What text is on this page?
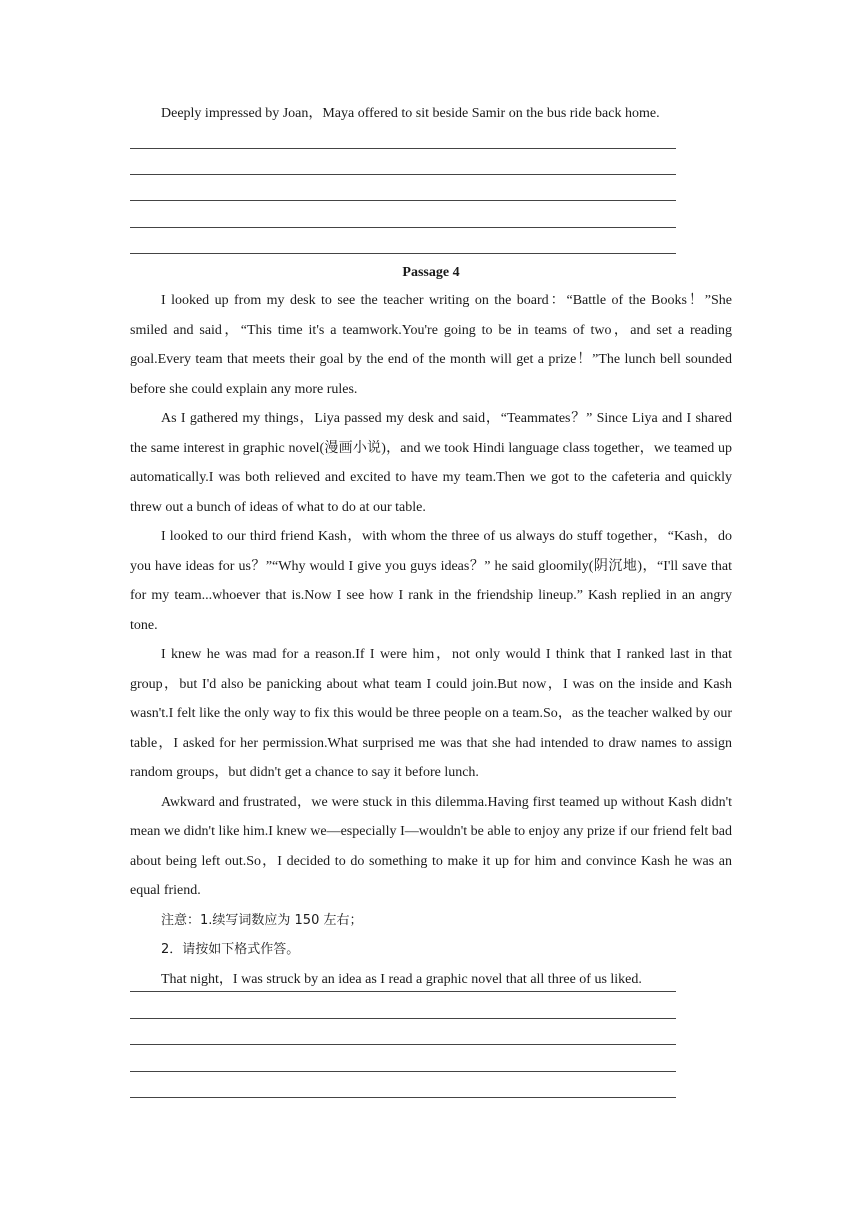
Deeply impressed by Joan，Maya offered to sit beside Samir on the bus ride back home.

Passage 4

I looked up from my desk to see the teacher writing on the board：“Battle of the Books！”She smiled and said，“This time it's a teamwork.You're going to be in teams of two，and set a reading goal.Every team that meets their goal by the end of the month will get a prize！”The lunch bell sounded before she could explain any more rules.

As I gathered my things，Liya passed my desk and said，“Teammates？” Since Liya and I shared the same interest in graphic novel(漫画小说)，and we took Hindi language class together，we teamed up automatically.I was both relieved and excited to have my team.Then we got to the cafeteria and quickly threw out a bunch of ideas of what to do at our table.

I looked to our third friend Kash，with whom the three of us always do stuff together，“Kash，do you have ideas for us？”“Why would I give you guys ideas？” he said gloomily(阴沉地)，“I'll save that for my team...whoever that is.Now I see how I rank in the friendship lineup.” Kash replied in an angry tone.

I knew he was mad for a reason.If I were him，not only would I think that I ranked last in that group，but I'd also be panicking about what team I could join.But now，I was on the inside and Kash wasn't.I felt like the only way to fix this would be three people on a team.So，as the teacher walked by our table，I asked for her permission.What surprised me was that she had intended to draw names to assign random groups，but didn't get a chance to say it before lunch.

Awkward and frustrated，we were stuck in this dilemma.Having first teamed up without Kash didn't mean we didn't like him.I knew we—especially I—wouldn't be able to enjoy any prize if our friend felt bad about being left out.So，I decided to do something to make it up for him and convince Kash he was an equal friend.

注意：1.续写词数应为 150 左右；

2．请按如下格式作答。

That night，I was struck by an idea as I read a graphic novel that all three of us liked.
